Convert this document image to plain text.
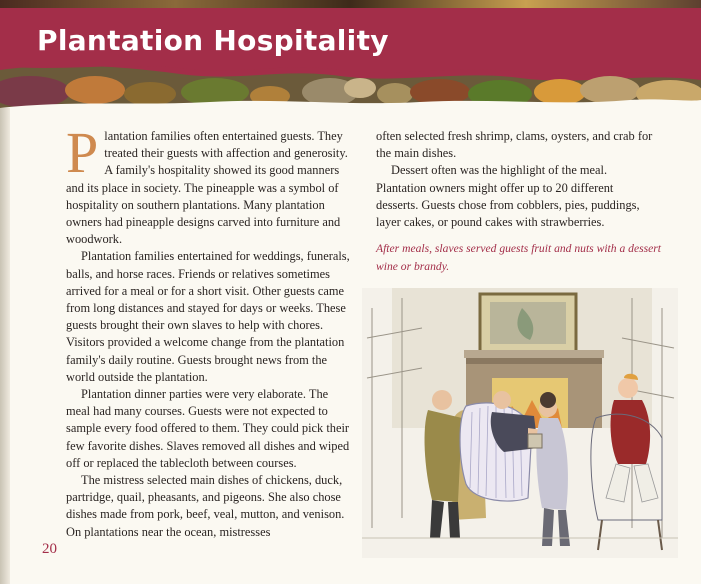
Plantation Hospitality

Plantation families often entertained guests. They treated their guests with affection and generosity. A family's hospitality showed its good manners and its place in society. The pineapple was a symbol of hospitality on southern plantations. Many plantation owners had pineapple designs carved into furniture and woodwork.

Plantation families entertained for weddings, funerals, balls, and horse races. Friends or relatives sometimes arrived for a meal or for a short visit. Other guests came from long distances and stayed for days or weeks. These guests brought their own slaves to help with chores. Visitors provided a welcome change from the plantation family's daily routine. Guests brought news from the world outside the plantation.

Plantation dinner parties were very elaborate. The meal had many courses. Guests were not expected to sample every food offered to them. They could pick their few favorite dishes. Slaves removed all dishes and wiped off or replaced the tablecloth between courses.

The mistress selected main dishes of chickens, duck, partridge, quail, pheasants, and pigeons. She also chose dishes made from pork, beef, veal, mutton, and venison. On plantations near the ocean, mistresses

often selected fresh shrimp, clams, oysters, and crab for the main dishes.

Dessert often was the highlight of the meal. Plantation owners might offer up to 20 different desserts. Guests chose from cobblers, pies, puddings, layer cakes, or pound cakes with strawberries.

After meals, slaves served guests fruit and nuts with a dessert wine or brandy.
20
